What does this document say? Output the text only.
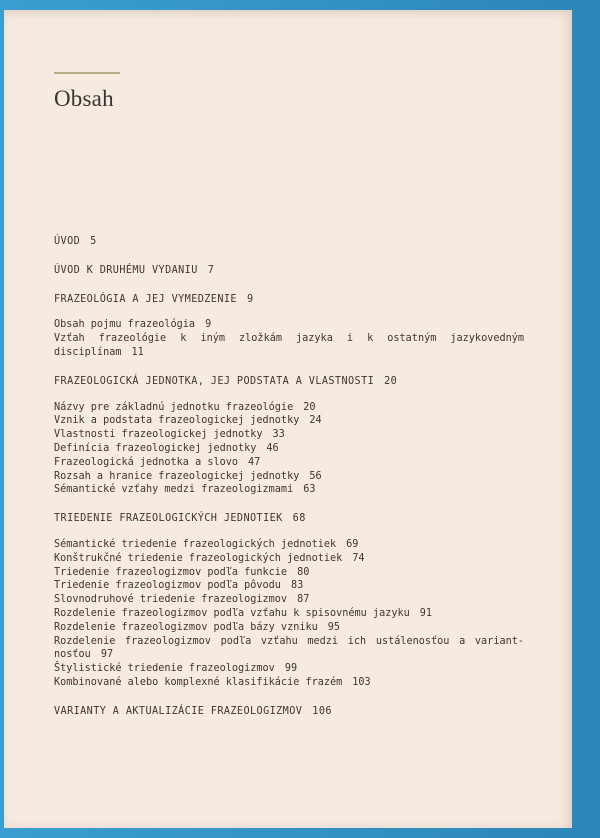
Obsah
ÚVOD 5
ÚVOD K DRUHÉMU VYDANIU 7
FRAZEOLÓGIA A JEJ VYMEDZENIE 9
Obsah pojmu frazeológia 9
Vzťah frazeológie k iným zložkám jazyka i k ostatným jazykovedným disciplínam 11
FRAZEOLOGICKÁ JEDNOTKA, JEJ PODSTATA A VLASTNOSTI 20
Názvy pre základnú jednotku frazeológie 20
Vznik a podstata frazeologickej jednotky 24
Vlastnosti frazeologickej jednotky 33
Definícia frazeologickej jednotky 46
Frazeologická jednotka a slovo 47
Rozsah a hranice frazeologickej jednotky 56
Sémantické vzťahy medzi frazeologizmami 63
TRIEDENIE FRAZEOLOGICKÝCH JEDNOTIEK 68
Sémantické triedenie frazeologických jednotiek 69
Konštrukčné triedenie frazeologických jednotiek 74
Triedenie frazeologizmov podľa funkcie 80
Triedenie frazeologizmov podľa pôvodu 83
Slovnodruhové triedenie frazeologizmov 87
Rozdelenie frazeologizmov podľa vzťahu k spisovnému jazyku 91
Rozdelenie frazeologizmov podľa bázy vzniku 95
Rozdelenie frazeologizmov podľa vzťahu medzi ich ustálenosťou a variant-nosťou 97
Štylistické triedenie frazeologizmov 99
Kombinované alebo komplexné klasifikácie frazém 103
VARIANTY A AKTUALIZÁCIE FRAZEOLOGIZMOV 106
